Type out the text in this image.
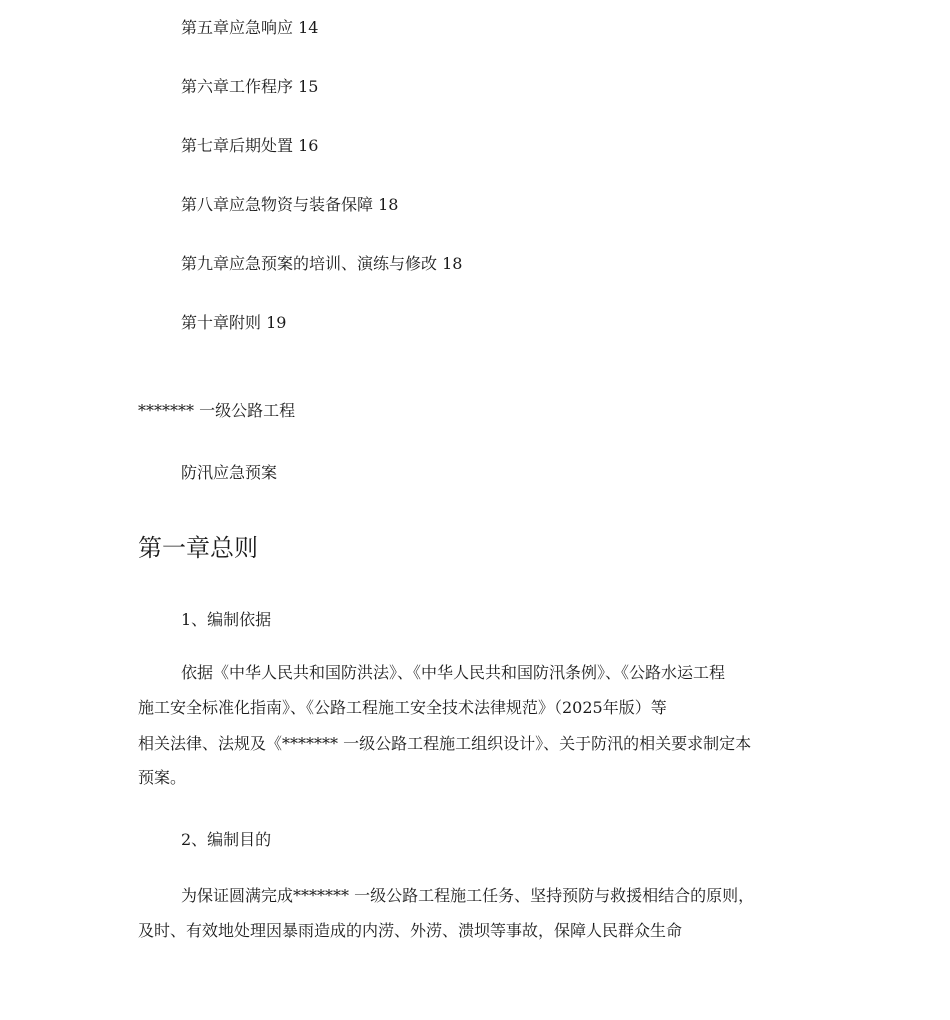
第五章应急响应 14
第六章工作程序 15
第七章后期处置 16
第八章应急物资与装备保障 18
第九章应急预案的培训、演练与修改 18
第十章附则 19
******* 一级公路工程
防汛应急预案
第一章总则
1、编制依据
依据《中华人民共和国防洪法》、《中华人民共和国防汛条例》、《公路水运工程
施工安全标准化指南》、《公路工程施工安全技术法律规范》（2025年版）等
相关法律、法规及《******* 一级公路工程施工组织设计》、关于防汛的相关要求制定本
预案。
2、编制目的
为保证圆满完成******* 一级公路工程施工任务、坚持预防与救援相结合的原则，
及时、有效地处理因暴雨造成的内涝、外涝、溃坝等事故，保障人民群众生命
